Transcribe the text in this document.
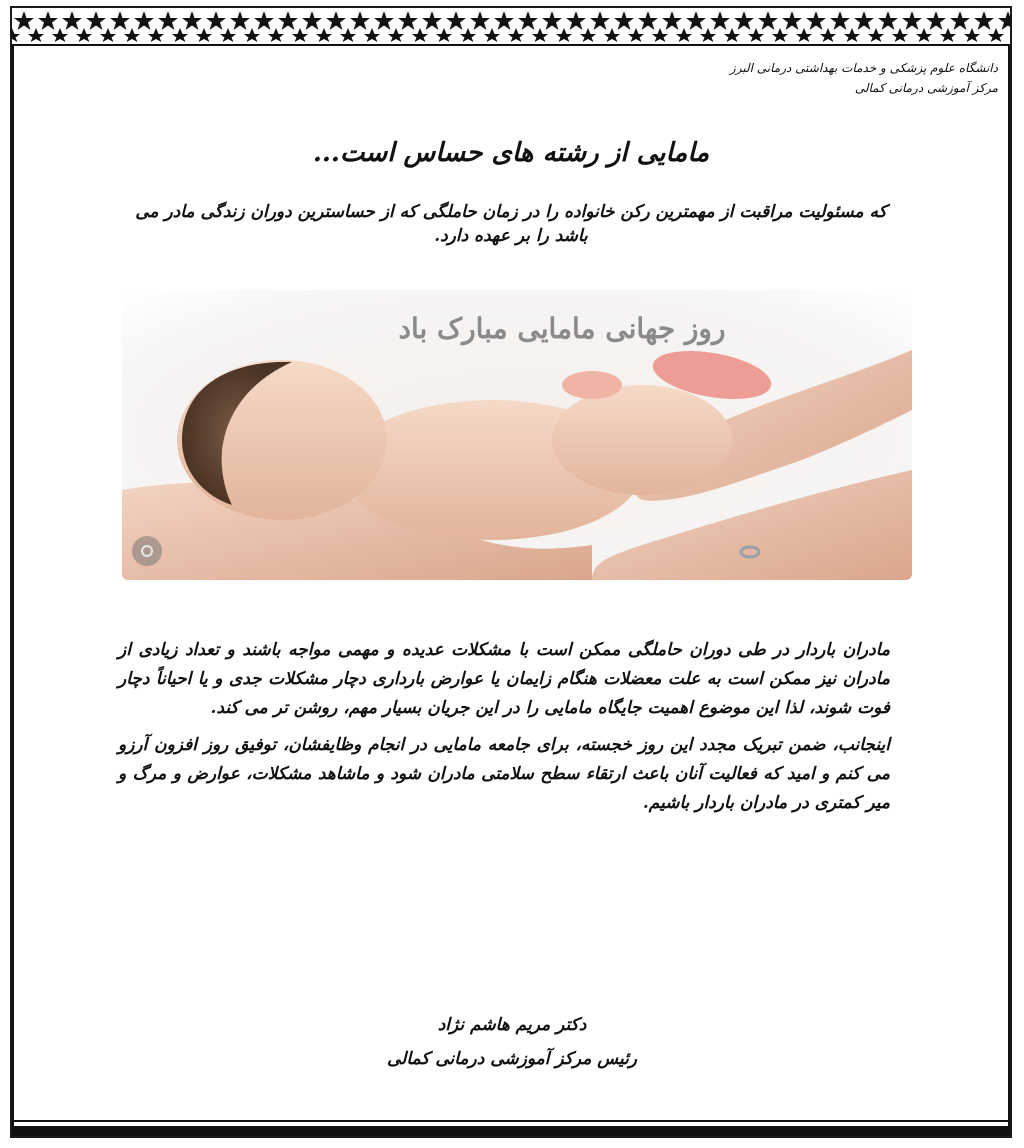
دانشگاه علوم پزشکی و خدمات بهداشتی درمانی البرز
مرکز آموزشی درمانی کمالی
مامایی از رشته های حساس است...
که مسئولیت مراقبت از مهمترین رکن خانواده را در زمان حاملگی که از حساسترین دوران زندگی مادر می باشد را بر عهده دارد.
روز جهانی مامایی مبارک باد

مادران باردار در طی دوران حاملگی ممکن است با مشکلات عدیده و مهمی مواجه باشند و تعداد زیادی از مادران نیز ممکن است به علت معضلات هنگام زایمان یا عوارض بارداری دچار مشکلات جدی و یا احیاناً دچار فوت شوند، لذا این موضوع اهمیت جایگاه مامایی را در این جریان بسیار مهم، روشن تر می کند.

اینجانب، ضمن تبریک مجدد این روز خجسته، برای جامعه مامایی در انجام وظایفشان، توفیق روز افزون آرزو می کنم و امید که فعالیت آنان باعث ارتقاء سطح سلامتی مادران شود و ماشاهد مشکلات، عوارض و مرگ و میر کمتری در مادران باردار باشیم.

دکتر مریم هاشم نژاد
رئیس مرکز آموزشی درمانی کمالی
